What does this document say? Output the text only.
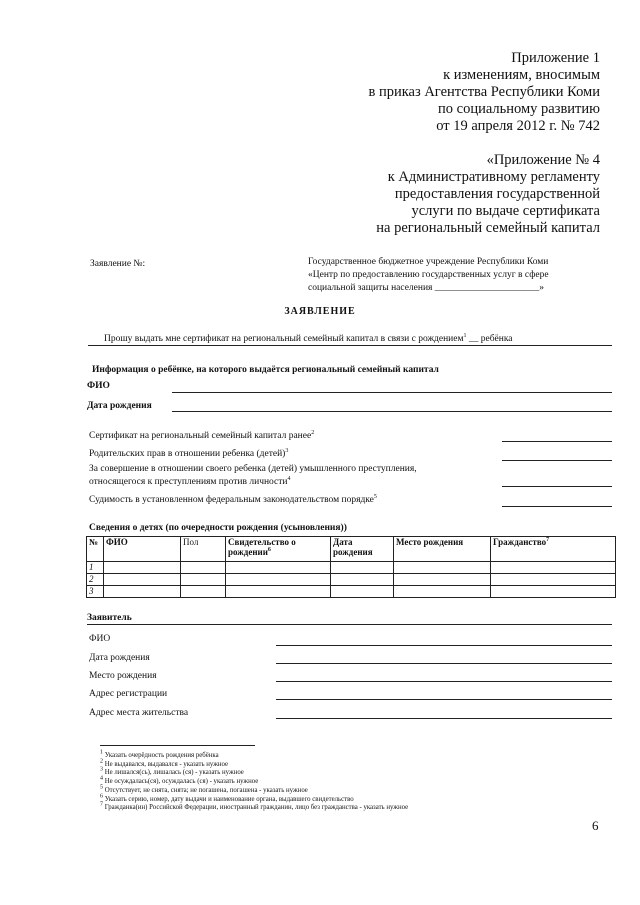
Приложение 1
к изменениям, вносимым
в приказ Агентства Республики Коми
по социальному развитию
от 19 апреля 2012 г. № 742
«Приложение № 4
к Административному регламенту
предоставления государственной
услуги по выдаче сертификата
на региональный семейный капитал
Заявление №:	Государственное бюджетное учреждение Республики Коми
«Центр по предоставлению государственных услуг в сфере
социальной защиты населения ______________________»
ЗАЯВЛЕНИЕ
Прошу выдать мне сертификат на региональный семейный капитал в связи с рождением$^1$ __ ребёнка
Информация о ребёнке, на которого выдаётся региональный семейный капитал
ФИО
Дата рождения
Сертификат на региональный семейный капитал ранее$^2$
Родительских прав в отношении ребенка (детей)$^3$
За совершение в отношении своего ребенка (детей) умышленного преступления,
относящегося к преступлениям против личности$^4$
Судимость в установленном федеральным законодательством порядке$^5$
Сведения о детях (по очередности рождения (усыновления))
№	ФИО	Пол	Свидетельство о рождении$^6$	Дата рождения	Место рождения	Гражданство$^7$
1						
2						
3						
Заявитель
ФИО
Дата рождения
Место рождения
Адрес регистрации
Адрес места жительства
$^1$ Указать очерёдность рождения ребёнка
$^2$ Не выдавался, выдавался - указать нужное
$^3$ Не лишался(сь), лишалась (ся) - указать нужное
$^4$ Не осуждалась(ся), осуждалась (ся) - указать нужное
$^5$ Отсутствует, не снята, снята; не погашена, погашена - указать нужное
$^6$ Указать серию, номер, дату выдачи и наименование органа, выдавшего свидетельство
$^7$ Гражданка(ин) Российской Федерации, иностранный гражданин, лицо без гражданства - указать нужное
6
